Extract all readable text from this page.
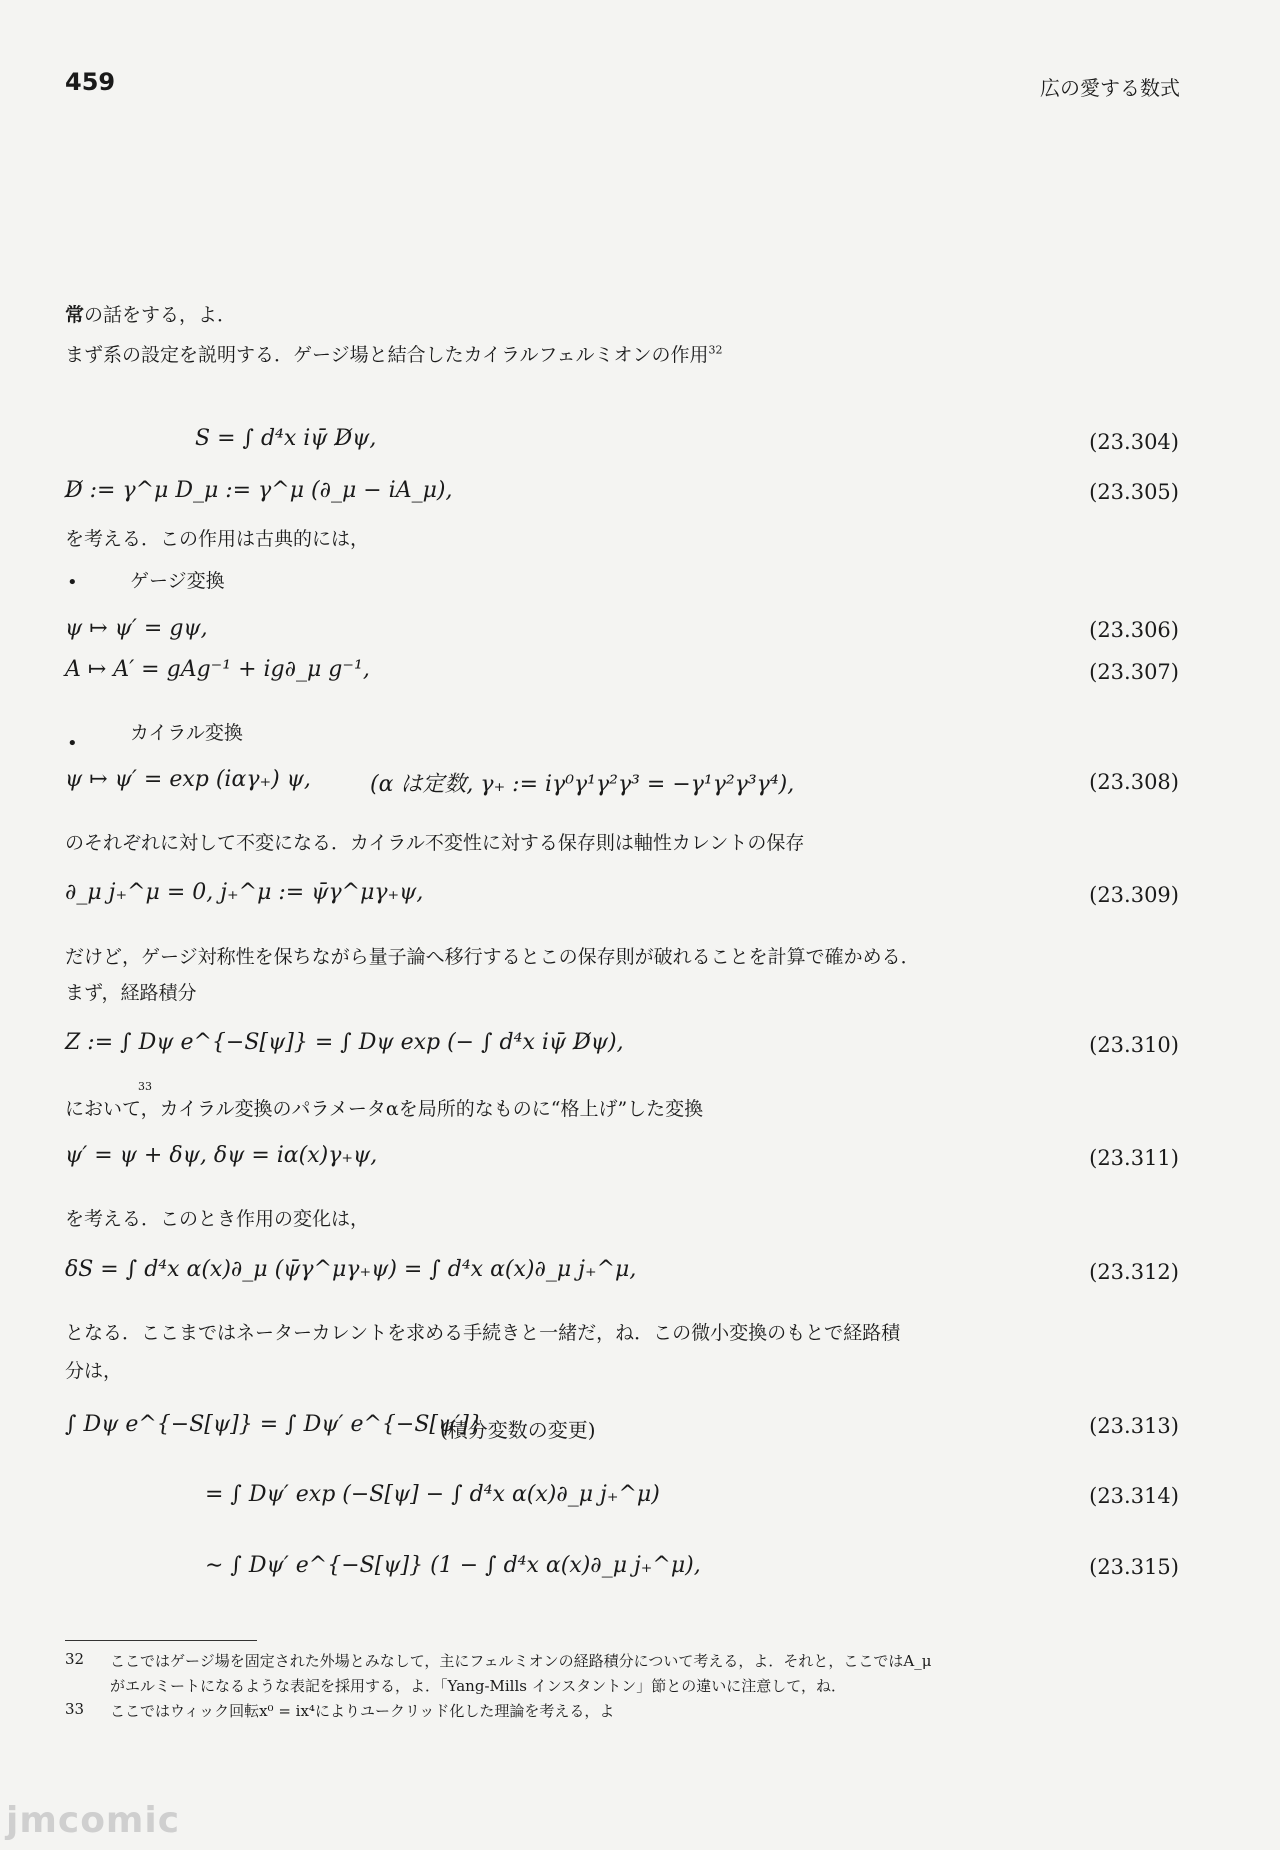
459	広の愛する数式
常の話をする，よ．
まず系の設定を説明する．ゲージ場と結合したカイラルフェルミオンの作用$^{32}$
S = ∫ d⁴x iψ̄ D̸ψ,	(23.304)
D̸ := γ^μ D_μ := γ^μ (∂_μ − iA_μ),	(23.305)
を考える．この作用は古典的には，
•	ゲージ変換
ψ ↦ ψ′ = gψ,	(23.306)
A ↦ A′ = gAg⁻¹ + ig∂_μ g⁻¹,	(23.307)
•	カイラル変換
ψ ↦ ψ′ = exp (iαγ₊) ψ,	(α は定数, γ₊ := iγ⁰γ¹γ²γ³ = −γ¹γ²γ³γ⁴),	(23.308)
のそれぞれに対して不変になる．カイラル不変性に対する保存則は軸性カレントの保存
∂_μ j₊^μ = 0, j₊^μ := ψ̄γ^μγ₊ψ,	(23.309)
だけど，ゲージ対称性を保ちながら量子論へ移行するとこの保存則が破れることを計算で確かめる．
まず，経路積分
Z := ∫ Dψ e^{−S[ψ]} = ∫ Dψ exp (− ∫ d⁴x iψ̄ D̸ψ),	(23.310)
33
において，カイラル変換のパラメータαを局所的なものに“格上げ”した変換
ψ′ = ψ + δψ, δψ = iα(x)γ₊ψ,	(23.311)
を考える．このとき作用の変化は，
δS = ∫ d⁴x α(x)∂_μ (ψ̄γ^μγ₊ψ) = ∫ d⁴x α(x)∂_μ j₊^μ,	(23.312)
となる．ここまではネーターカレントを求める手続きと一緒だ，ね．この微小変換のもとで経路積
分は，
∫ Dψ e^{−S[ψ]} = ∫ Dψ′ e^{−S[ψ′]}
(積分変数の変更)	(23.313)
= ∫ Dψ′ exp (−S[ψ] − ∫ d⁴x α(x)∂_μ j₊^μ)	(23.314)
∼ ∫ Dψ′ e^{−S[ψ]} (1 − ∫ d⁴x α(x)∂_μ j₊^μ),	(23.315)
32 ここではゲージ場を固定された外場とみなして，主にフェルミオンの経路積分について考える，よ．それと，ここではA_μ
がエルミートになるような表記を採用する，よ．「Yang-Mills インスタントン」節との違いに注意して，ね．
33 ここではウィック回転x⁰ = ix⁴によりユークリッド化した理論を考える，よ
jmcomic
